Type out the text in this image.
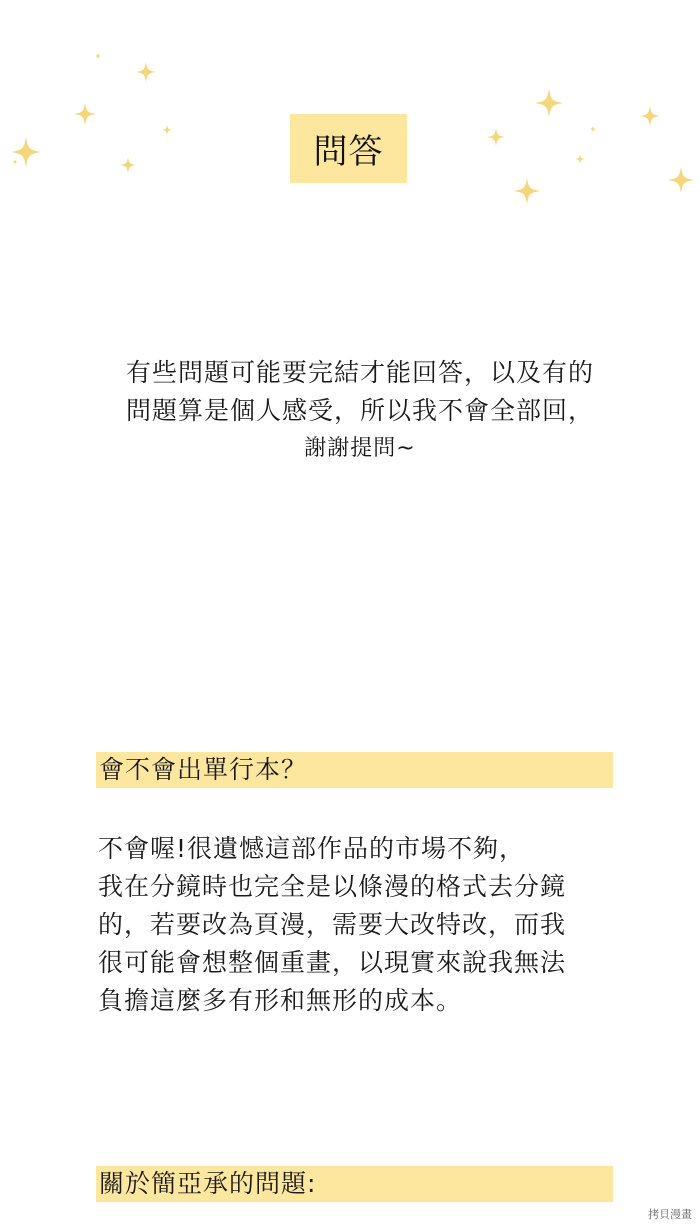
問答
有些問題可能要完結才能回答，以及有的
問題算是個人感受，所以我不會全部回，
謝謝提問~
會不會出單行本？
不會喔!很遺憾這部作品的市場不夠，
我在分鏡時也完全是以條漫的格式去分鏡
的，若要改為頁漫，需要大改特改，而我
很可能會想整個重畫，以現實來說我無法
負擔這麼多有形和無形的成本。
關於簡亞承的問題:
拷貝漫畫
